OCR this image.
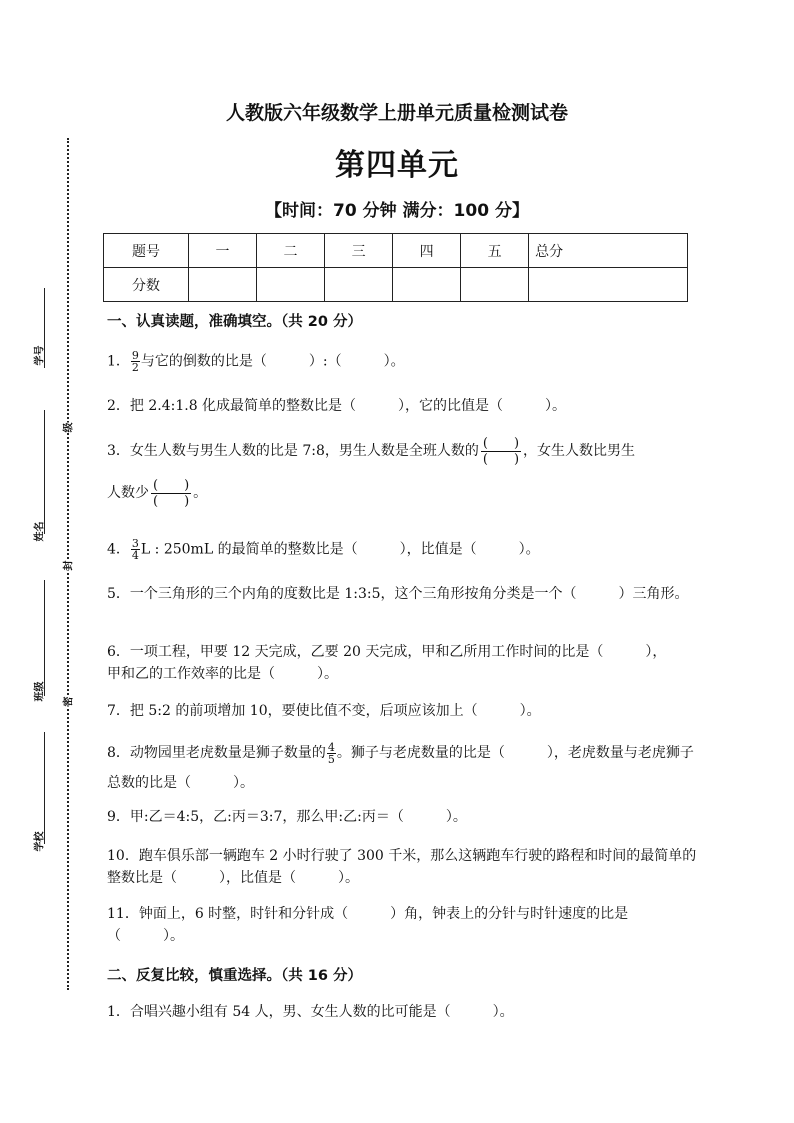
学号
姓名
班级
学校
级
封
密
人教版六年级数学上册单元质量检测试卷
第四单元
【时间：70 分钟 满分：100 分】
题号	一	二	三	四	五	总分
分数						
一、认真读题，准确填空。（共 20 分）
1． $\frac{9}{2}$ 与它的倒数的比是（　　　）:（　　　）。
2．把 2.4:1.8 化成最简单的整数比是（　　　），它的比值是（　　　）。
3．女生人数与男生人数的比是 7:8，男生人数是全班人数的 (　　)
(　　) ，女生人数比男生
人数少 (　　)
(　　) 。
4． $\frac{3}{4}$ L : 250mL 的最简单的整数比是（　　　），比值是（　　　）。
5．一个三角形的三个内角的度数比是 1:3:5，这个三角形按角分类是一个（　　　）三角形。
6．一项工程，甲要 12 天完成，乙要 20 天完成，甲和乙所用工作时间的比是（　　　），甲和乙的工作效率的比是（　　　）。
7．把 5:2 的前项增加 10，要使比值不变，后项应该加上（　　　）。
8．动物园里老虎数量是狮子数量的 $\frac{4}{5}$ 。狮子与老虎数量的比是（　　　），老虎数量与老虎狮子总数的比是（　　　）。
9．甲:乙＝4:5，乙:丙＝3:7，那么甲:乙:丙＝（　　　）。
10．跑车俱乐部一辆跑车 2 小时行驶了 300 千米，那么这辆跑车行驶的路程和时间的最简单的整数比是（　　　），比值是（　　　）。
11．钟面上，6 时整，时针和分针成（　　　）角，钟表上的分针与时针速度的比是（　　　）。
二、反复比较，慎重选择。（共 16 分）
1．合唱兴趣小组有 54 人，男、女生人数的比可能是（　　　）。
